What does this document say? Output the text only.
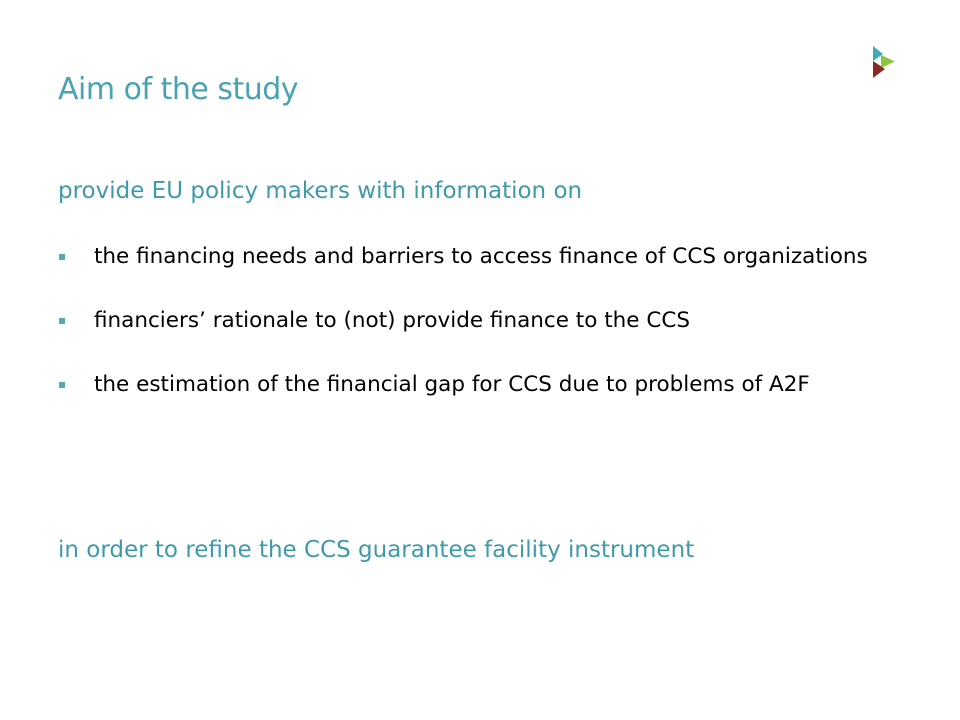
Aim of the study

provide EU policy makers with information on

the financing needs and barriers to access finance of CCS organizations
financiers’ rationale to (not) provide finance to the CCS
the estimation of the financial gap for CCS due to problems of A2F

in order to refine the CCS guarantee facility instrument
